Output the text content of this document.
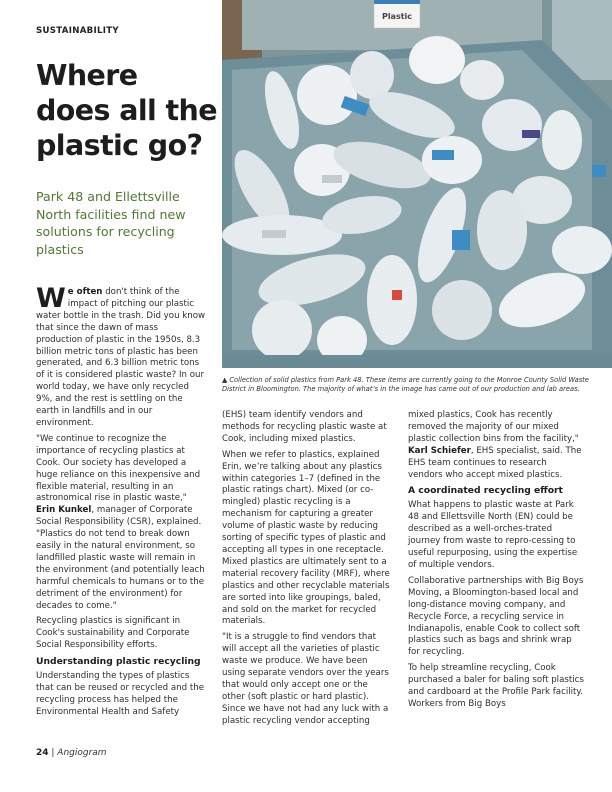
SUSTAINABILITY
Where
does all the
plastic go?
Park 48 and Ellettsville North facilities find new solutions for recycling plastics
Plastic
▲ Collection of solid plastics from Park 48. These items are currently going to the Monroe County Solid Waste District in Bloomington. The majority of what’s in the image has came out of our production and lab areas.

We often don't think of the impact of pitching our plastic water bottle in the trash. Did you know that since the dawn of mass production of plastic in the 1950s, 8.3 billion metric tons of plastic has been generated, and 6.3 billion metric tons of it is considered plastic waste? In our world today, we have only recycled 9%, and the rest is settling on the earth in landfills and in our environment.

"We continue to recognize the importance of recycling plastics at Cook. Our society has developed a huge reliance on this inexpensive and flexible material, resulting in an astronomical rise in plastic waste," Erin Kunkel, manager of Corporate Social Responsibility (CSR), explained. "Plastics do not tend to break down easily in the natural environment, so landfilled plastic waste will remain in the environment (and potentially leach harmful chemicals to humans or to the detriment of the environment) for decades to come."

Recycling plastics is significant in Cook's sustainability and Corporate Social Responsibility efforts.

Understanding plastic recycling

Understanding the types of plastics that can be reused or recycled and the recycling process has helped the Environmental Health and Safety

(EHS) team identify vendors and methods for recycling plastic waste at Cook, including mixed plastics.

When we refer to plastics, explained Erin, we’re talking about any plastics within categories 1–7 (defined in the plastic ratings chart). Mixed (or co-mingled) plastic recycling is a mechanism for capturing a greater volume of plastic waste by reducing sorting of specific types of plastic and accepting all types in one receptacle. Mixed plastics are ultimately sent to a material recovery facility (MRF), where plastics and other recyclable materials are sorted into like groupings, baled, and sold on the market for recycled materials.

"It is a struggle to find vendors that will accept all the varieties of plastic waste we produce. We have been using separate vendors over the years that would only accept one or the other (soft plastic or hard plastic). Since we have not had any luck with a plastic recycling vendor accepting

mixed plastics, Cook has recently removed the majority of our mixed plastic collection bins from the facility," Karl Schiefer, EHS specialist, said. The EHS team continues to research vendors who accept mixed plastics.

A coordinated recycling effort

What happens to plastic waste at Park 48 and Ellettsville North (EN) could be described as a well-orches-trated journey from waste to repro-cessing to useful repurposing, using the expertise of multiple vendors.

Collaborative partnerships with Big Boys Moving, a Bloomington-based local and long-distance moving company, and Recycle Force, a recycling service in Indianapolis, enable Cook to collect soft plastics such as bags and shrink wrap for recycling.

To help streamline recycling, Cook purchased a baler for baling soft plastics and cardboard at the Profile Park facility. Workers from Big Boys

24 | Angiogram
